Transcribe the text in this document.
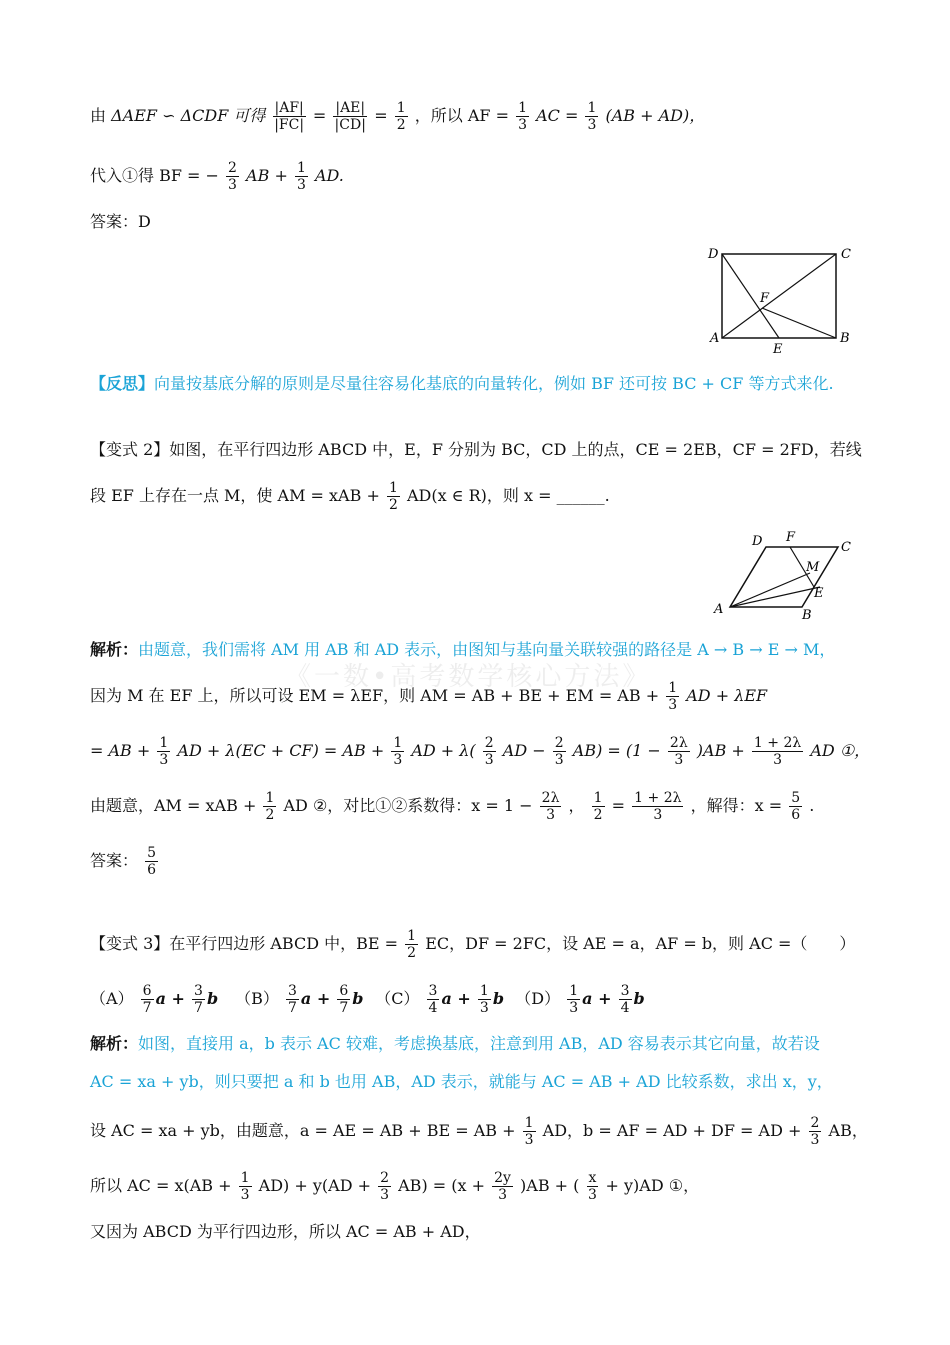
由 ΔAEF ∽ ΔCDF 可得 $\frac{|AF|}{|FC|} = \frac{|AE|}{|CD|} = \frac{1}{2}$ ，所以 AF = $\frac{1}{3}$ AC = $\frac{1}{3} (AB + AD)$，
代入①得 BF = − $\frac{2}{3}$ AB + $\frac{1}{3}$ AD.
答案：D
D	C
F
A
E
B
【反思】向量按基底分解的原则是尽量往容易化基底的向量转化，例如 BF 还可按 BC + CF 等方式来化.
【变式 2】如图，在平行四边形 ABCD 中，E，F 分别为 BC，CD 上的点，CE = 2EB，CF = 2FD，若线
段 EF 上存在一点 M，使 AM = xAB + $\frac{1}{2} AD(x$ ∈ R)，则 x = ______.
D F
C
M
E
A	B
解析：由题意，我们需将 AM 用 AB 和 AD 表示，由图知与基向量关联较强的路径是 A → B → E → M，
《一数•高考数学核心方法》
因为 M 在 EF 上，所以可设 EM = λEF，则 AM = AB + BE + EM = AB + $\frac{1}{3}$ AD + λEF
= AB + $\frac{1}{3}$ AD + λ(EC + CF) = AB + $\frac{1}{3}$ AD + $\lambda( \frac{2}{3}$ AD − $\frac{2}{3} AB) = (1 - \frac{2\lambda}{3} )AB + \frac{1 + 2\lambda}{3}$ AD ①，
由题意，AM = xAB + $\frac{1}{2}$ AD ②，对比①②系数得：$x = 1 - \frac{2\lambda}{3}$ ， $\frac{1}{2} = \frac{1 + 2\lambda}{3}$ ，解得：$x = \frac{5}{6}$ .
答案： $\frac{5}{6}$
【变式 3】在平行四边形 ABCD 中，BE = $\frac{1}{2}$ EC，DF = 2FC，设 AE = a，AF = b，则 AC =（　　）
$(A) \frac{6}{7}$ $a + \frac{3}{7}$ b $(B) \frac{3}{7}$ $a + \frac{6}{7}$ b $(C) \frac{3}{4}$ $a + \frac{1}{3}$ b $(D) \frac{1}{3}$ $a + \frac{3}{4}$ b
解析：如图，直接用 a，b 表示 AC 较难，考虑换基底，注意到用 AB，AD 容易表示其它向量，故若设
AC = xa + yb，则只要把 a 和 b 也用 AB，AD 表示，就能与 AC = AB + AD 比较系数，求出 x，y，
设 AC = xa + yb，由题意，a = AE = AB + BE = AB + $\frac{1}{3}$ AD，b = AF = AD + DF = AD + $\frac{2}{3}$ AB，
所以 AC = $x(AB + \frac{1}{3} AD) + y(AD + \frac{2}{3} AB) = (x + \frac{2y}{3} )AB$ + ( $\frac{x}{3} + y)AD$ ①，
又因为 ABCD 为平行四边形，所以 AC = AB + AD，
